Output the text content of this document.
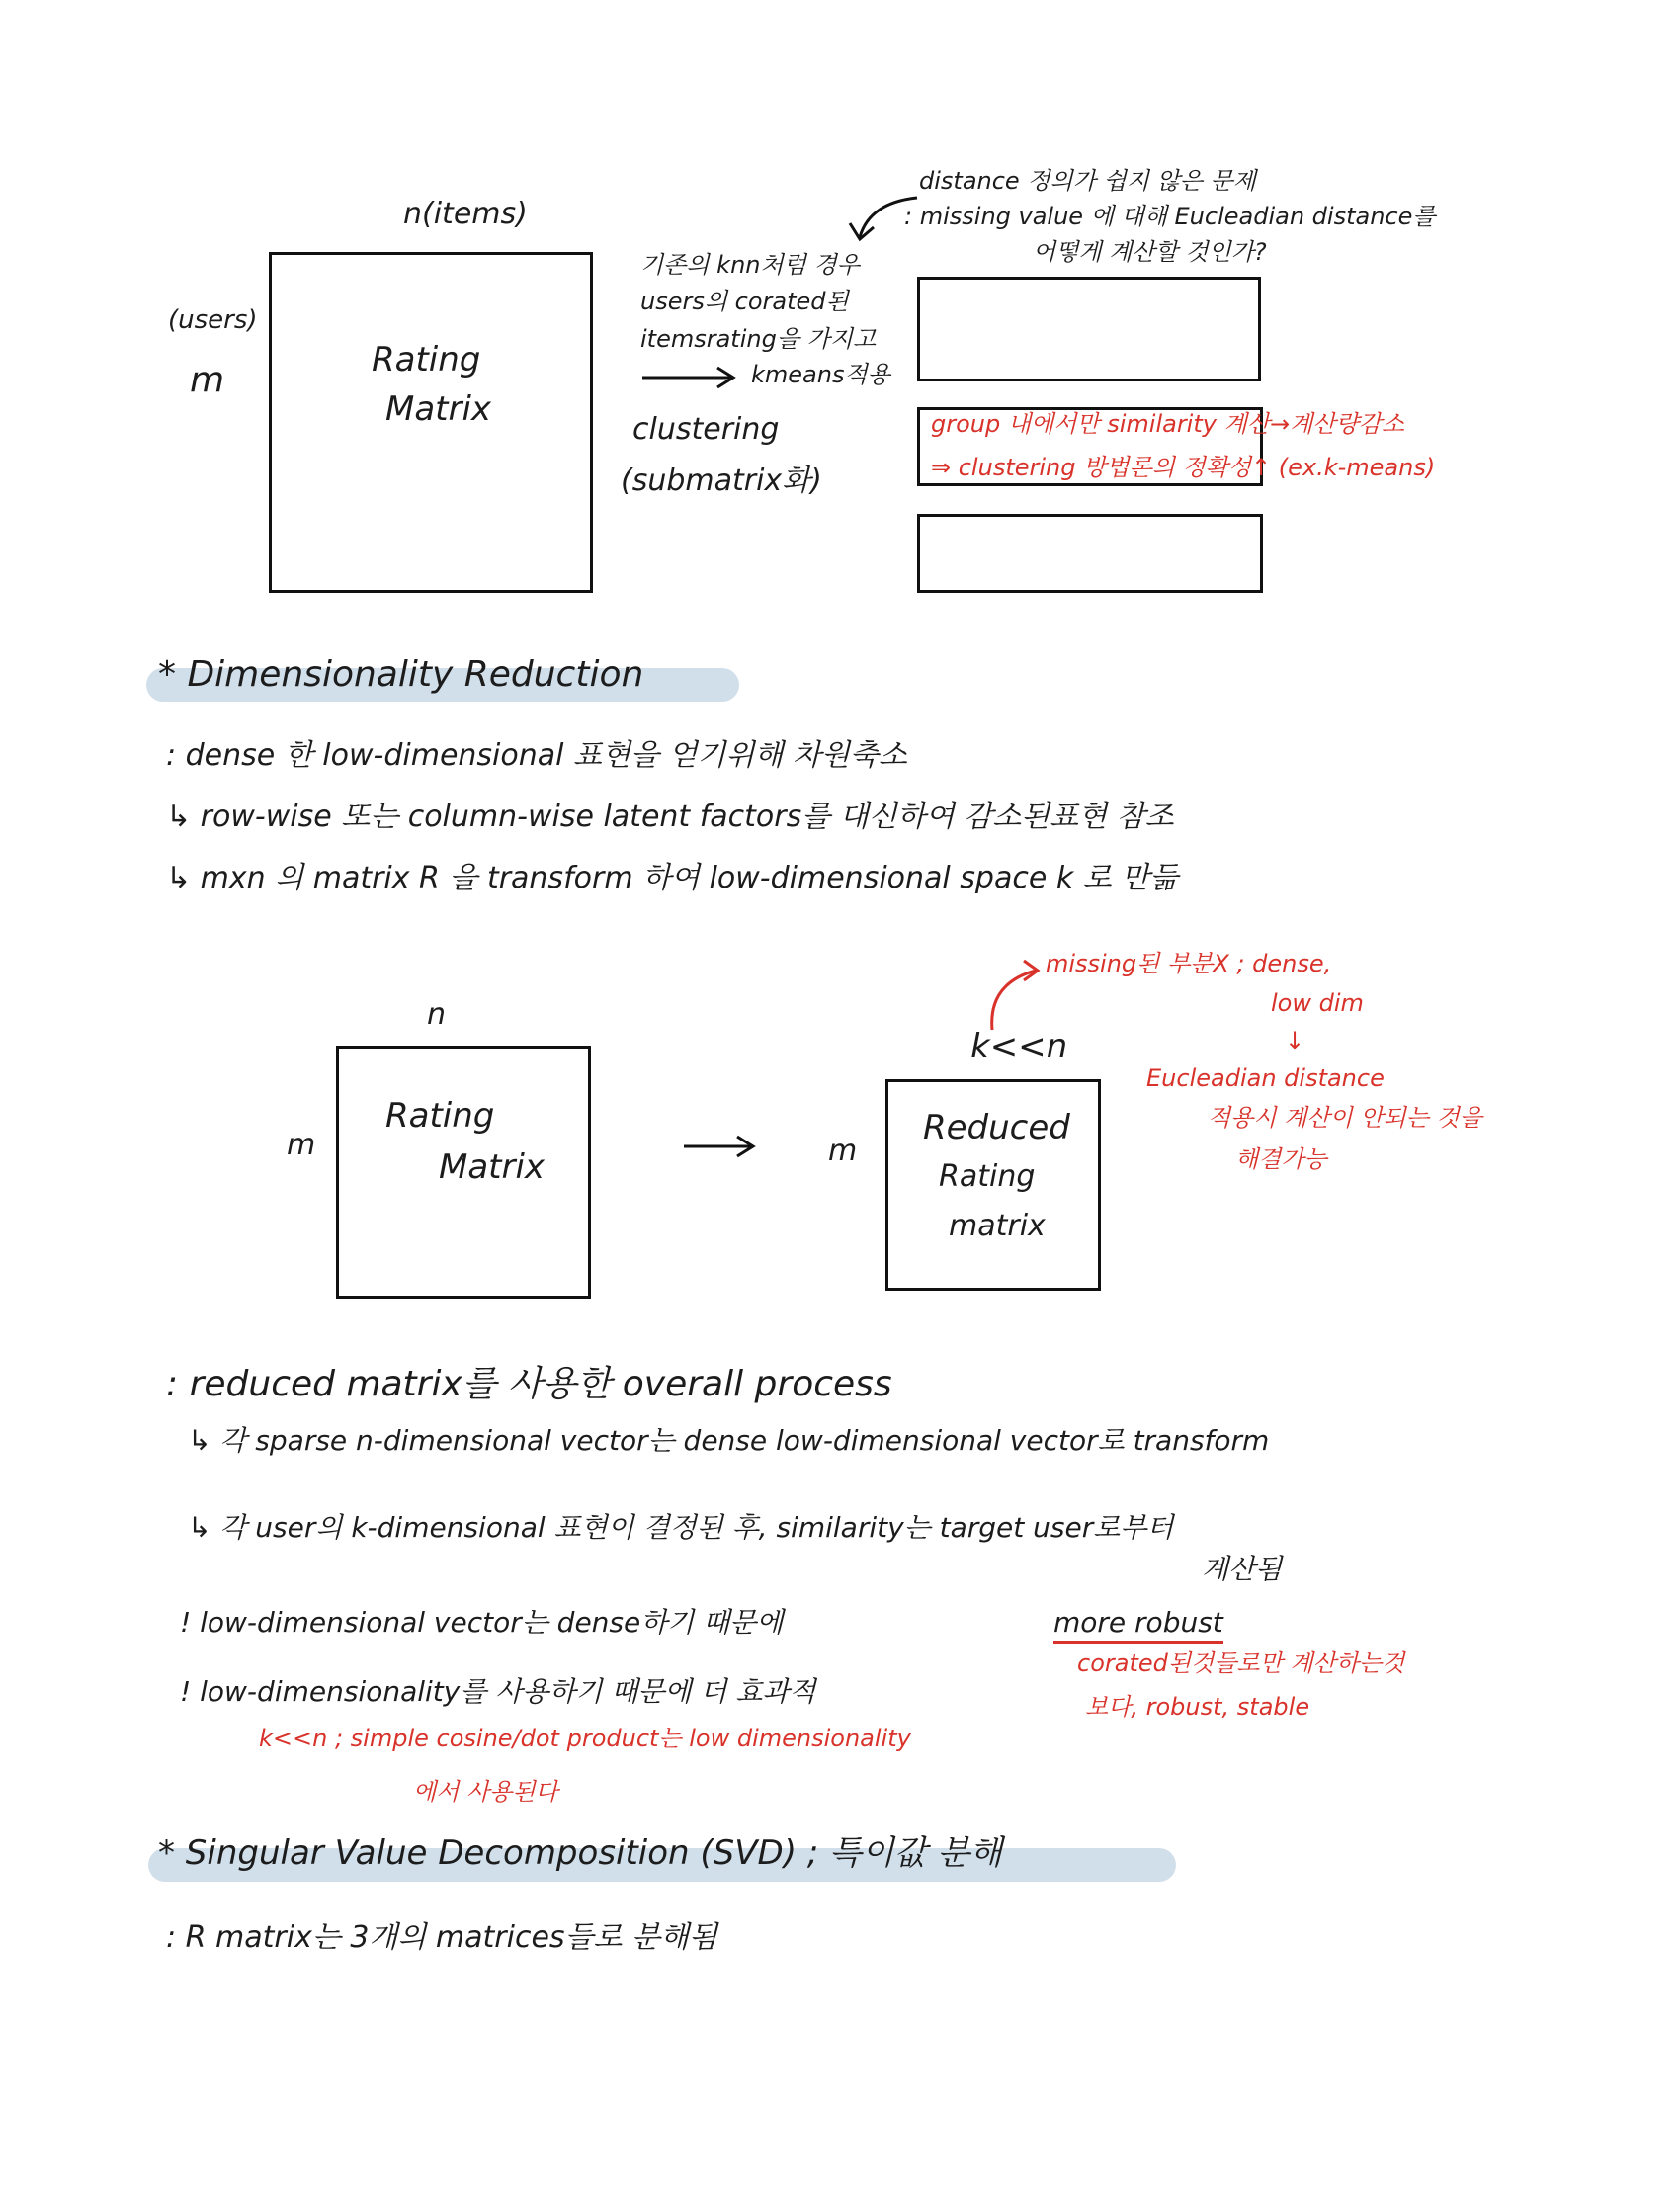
n(items)
(users)
m	Rating
Matrix
기존의 knn처럼 경우
users의 corated된
itemsrating을 가지고
kmeans적용
clustering
(submatrix화)
group 내에서만 similarity 계산→계산량감소
⇒ clustering 방법론의 정확성↑ (ex.k-means)
distance 정의가 쉽지 않은 문제
: missing value 에 대해 Eucleadian distance를
어떻게 계산할 것인가?
* Dimensionality Reduction
: dense 한 low-dimensional 표현을 얻기위해 차원축소
↳ row-wise 또는 column-wise latent factors를 대신하여 감소된표현 참조
↳ mxn 의 matrix R 을 transform 하여 low-dimensional space k 로 만듦
n
m
Rating
Matrix	m
k<<n
Reduced
Rating
matrix
missing된 부분X ; dense,
low dim
↓
Eucleadian distance
적용시 계산이 안되는 것을
해결가능
: reduced matrix를 사용한 overall process
↳ 각 sparse n-dimensional vector는 dense low-dimensional vector로 transform
↳ 각 user의 k-dimensional 표현이 결정된 후, similarity는 target user로부터
계산됨
! low-dimensional vector는 dense하기 때문에	more robust
! low-dimensionality를 사용하기 때문에 더 효과적
corated된것들로만 계산하는것
보다, robust, stable
k<<n ; simple cosine/dot product는 low dimensionality
에서 사용된다
* Singular Value Decomposition (SVD) ; 특이값 분해
: R matrix는 3개의 matrices들로 분해됨
